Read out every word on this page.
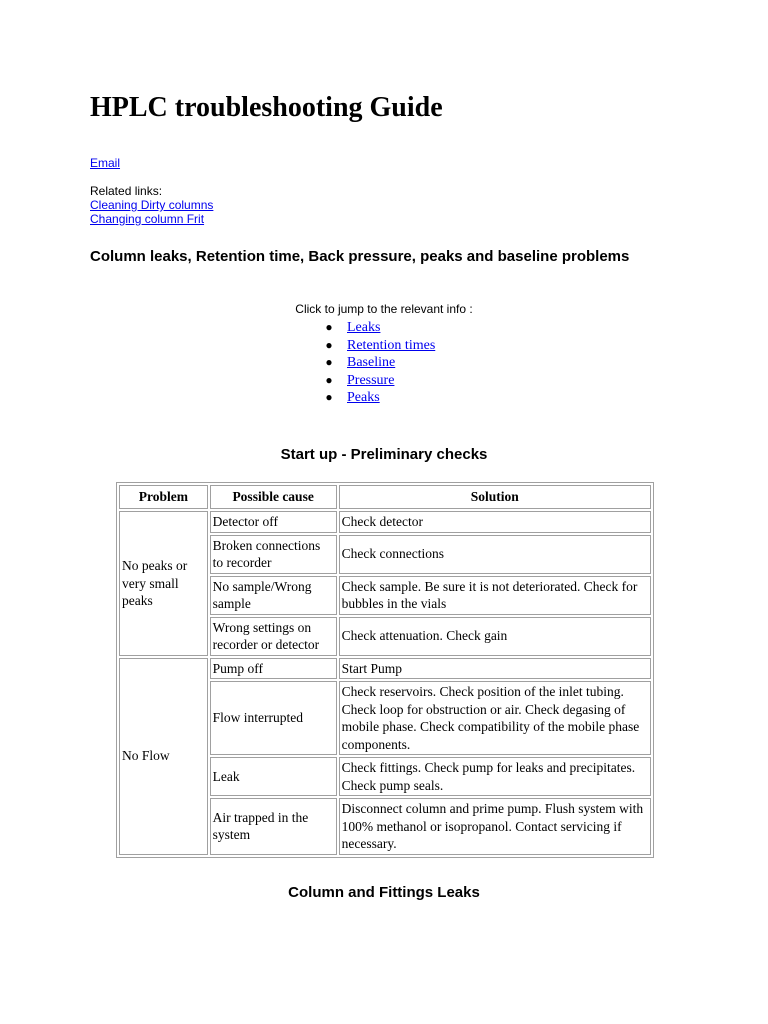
HPLC troubleshooting Guide
Email
Related links:
Cleaning Dirty columns
Changing column Frit
Column leaks, Retention time, Back pressure, peaks and baseline problems
Click to jump to the relevant info :
● Leaks
● Retention times
● Baseline
● Pressure
● Peaks
Start up - Preliminary checks
Problem	Possible cause	Solution
No peaks or very small peaks	Detector off	Check detector
	Broken connections to recorder	Check connections
	No sample/Wrong sample	Check sample. Be sure it is not deteriorated. Check for bubbles in the vials
	Wrong settings on recorder or detector	Check attenuation. Check gain
No Flow	Pump off	Start Pump
	Flow interrupted	Check reservoirs. Check position of the inlet tubing. Check loop for obstruction or air. Check degasing of mobile phase. Check compatibility of the mobile phase components.
	Leak	Check fittings. Check pump for leaks and precipitates. Check pump seals.
	Air trapped in the system	Disconnect column and prime pump. Flush system with 100% methanol or isopropanol. Contact servicing if necessary.
Column and Fittings Leaks
